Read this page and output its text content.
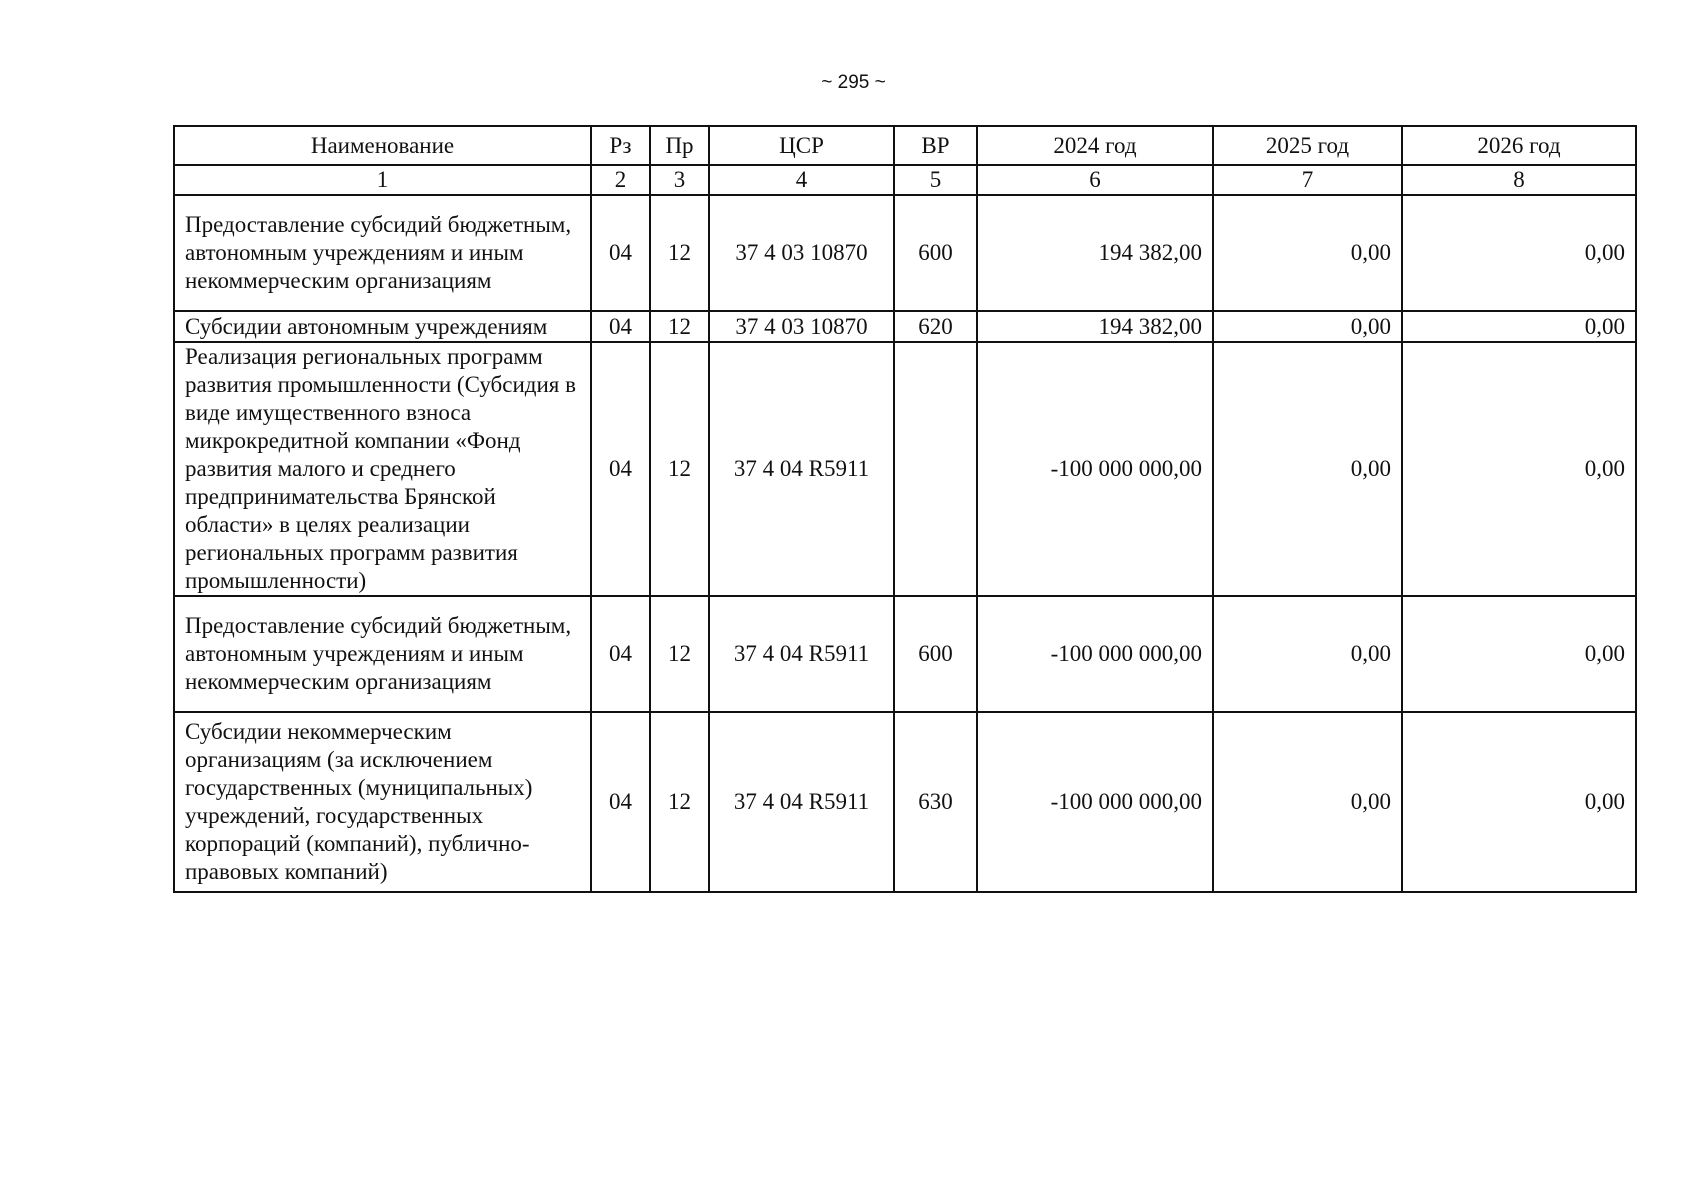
~ 295 ~
Наименование	Рз	Пр	ЦСР	ВР	2024 год	2025 год	2026 год
1	2	3	4	5	6	7	8
Предоставление субсидий бюджетным, автономным учреждениям и иным некоммерческим организациям	04	12	37 4 03 10870	600	194 382,00	0,00	0,00
Субсидии автономным учреждениям	04	12	37 4 03 10870	620	194 382,00	0,00	0,00
Реализация региональных программ развития промышленности (Субсидия в виде имущественного взноса микрокредитной компании «Фонд развития малого и среднего предпринимательства Брянской области» в целях реализации региональных программ развития промышленности)	04	12	37 4 04 R5911		-100 000 000,00	0,00	0,00
Предоставление субсидий бюджетным, автономным учреждениям и иным некоммерческим организациям	04	12	37 4 04 R5911	600	-100 000 000,00	0,00	0,00
Субсидии некоммерческим организациям (за исключением государственных (муниципальных) учреждений, государственных корпораций (компаний), публично-правовых компаний)	04	12	37 4 04 R5911	630	-100 000 000,00	0,00	0,00
